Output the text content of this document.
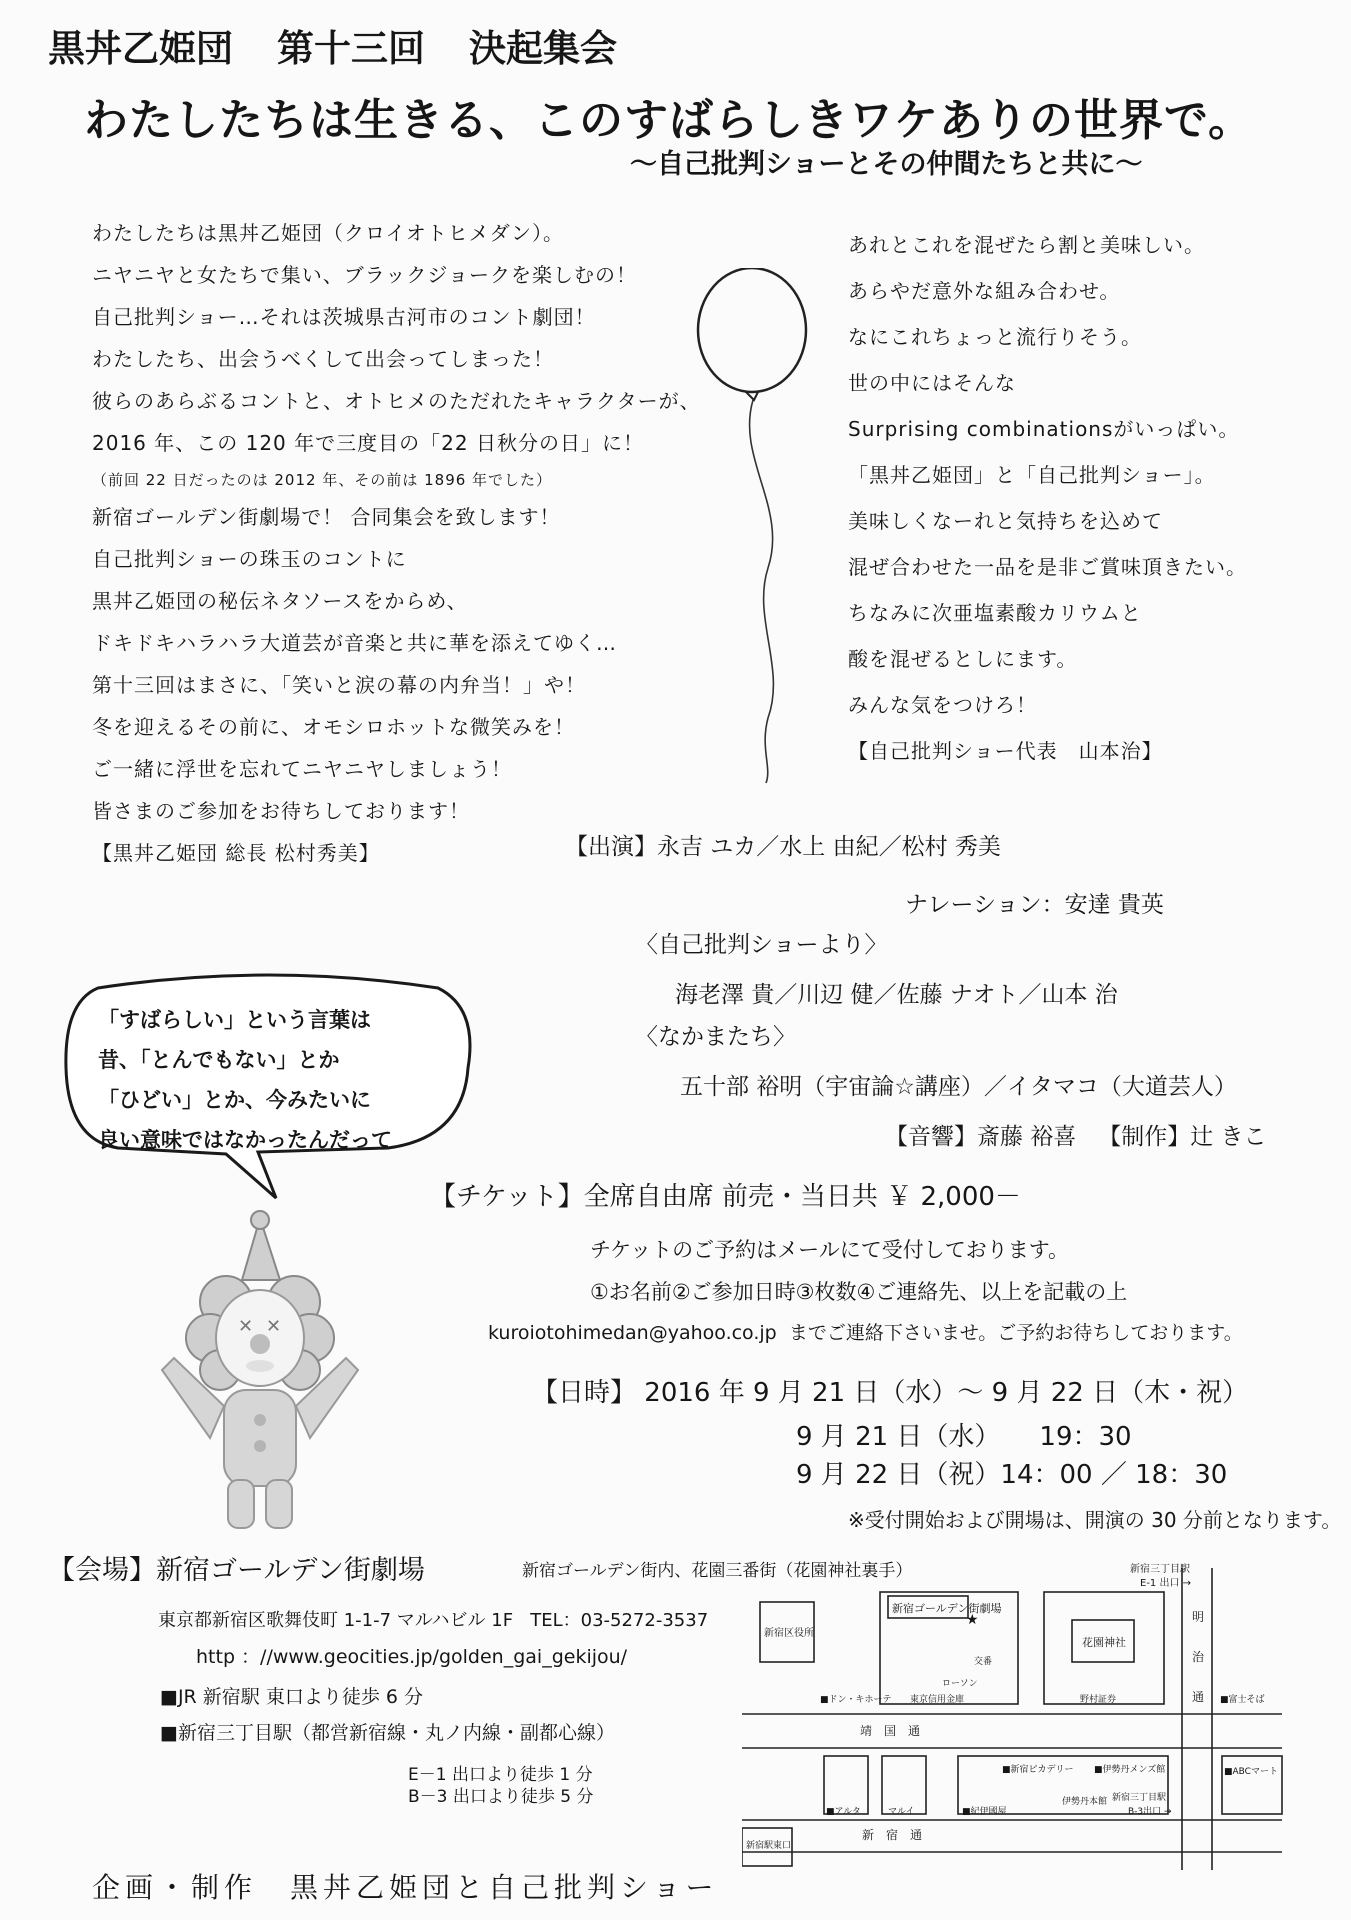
黒丼乙姫団 第十三回 決起集会
わたしたちは生きる、このすばらしきワケありの世界で。
～自己批判ショーとその仲間たちと共に～
わたしたちは黒丼乙姫団（クロイオトヒメダン）。
ニヤニヤと女たちで集い、ブラックジョークを楽しむの！
自己批判ショー…それは茨城県古河市のコント劇団！
わたしたち、出会うべくして出会ってしまった！
彼らのあらぶるコントと、オトヒメのただれたキャラクターが、
2016 年、この 120 年で三度目の「22 日秋分の日」に！
（前回 22 日だったのは 2012 年、その前は 1896 年でした）
新宿ゴールデン街劇場で！ 合同集会を致します！
自己批判ショーの珠玉のコントに
黒丼乙姫団の秘伝ネタソースをからめ、
ドキドキハラハラ大道芸が音楽と共に華を添えてゆく…
第十三回はまさに、「笑いと涙の幕の内弁当！」や！
冬を迎えるその前に、オモシロホットな微笑みを！
ご一緒に浮世を忘れてニヤニヤしましょう！
皆さまのご参加をお待ちしております！
【黒丼乙姫団 総長 松村秀美】
あれとこれを混ぜたら割と美味しい。
あらやだ意外な組み合わせ。
なにこれちょっと流行りそう。
世の中にはそんな
Surprising combinationsがいっぱい。
「黒丼乙姫団」と「自己批判ショー」。
美味しくなーれと気持ちを込めて
混ぜ合わせた一品を是非ご賞味頂きたい。
ちなみに次亜塩素酸カリウムと
酸を混ぜるとしにます。
みんな気をつけろ！
【自己批判ショー代表　山本治】
【出演】永吉 ユカ／水上 由紀／松村 秀美
ナレーション：安達 貴英
〈自己批判ショーより〉
海老澤 貴／川辺 健／佐藤 ナオト／山本 治
〈なかまたち〉
五十部 裕明（宇宙論☆講座）／イタマコ（大道芸人）
【音響】斎藤 裕喜 【制作】辻 きこ
「すばらしい」という言葉は
昔、「とんでもない」とか
「ひどい」とか、今みたいに
良い意味ではなかったんだって
✕ ✕
【チケット】全席自由席 前売・当日共 ￥ 2,000－
チケットのご予約はメールにて受付しております。
①お名前②ご参加日時③枚数④ご連絡先、以上を記載の上
kuroiotohimedan@yahoo.co.jp までご連絡下さいませ。ご予約お待ちしております。
【日時】 2016 年 9 月 21 日（水）～ 9 月 22 日（木・祝）
9 月 21 日（水）　　19：30
9 月 22 日（祝）14：00 ／ 18：30
※受付開始および開場は、開演の 30 分前となります。
【会場】新宿ゴールデン街劇場	新宿ゴールデン街内、花園三番街（花園神社裏手）
東京都新宿区歌舞伎町 1-1-7 マルハビル 1F TEL：03-5272-3537
http ：//www.geocities.jp/golden_gai_gekijou/
■JR 新宿駅 東口より徒歩 6 分
■新宿三丁目駅（都営新宿線・丸ノ内線・副都心線）
E－1 出口より徒歩 1 分
B－3 出口より徒歩 5 分
新宿三丁目駅
E-1 出口 →
新宿ゴールデン街劇場
新宿区役所
花園神社
★	明
治
通
交番
ローソン
東京信用金庫	野村証券	■富士そば
■ドン・キホーテ
靖　国　通
■新宿ピカデリー ■伊勢丹メンズ館	■ABCマート
伊勢丹本館 新宿三丁目駅
B-3出口 →
■アルタ	マルイ	■紀伊國屋
新　宿　通
新宿駅東口
企画・制作　黒丼乙姫団と自己批判ショー
